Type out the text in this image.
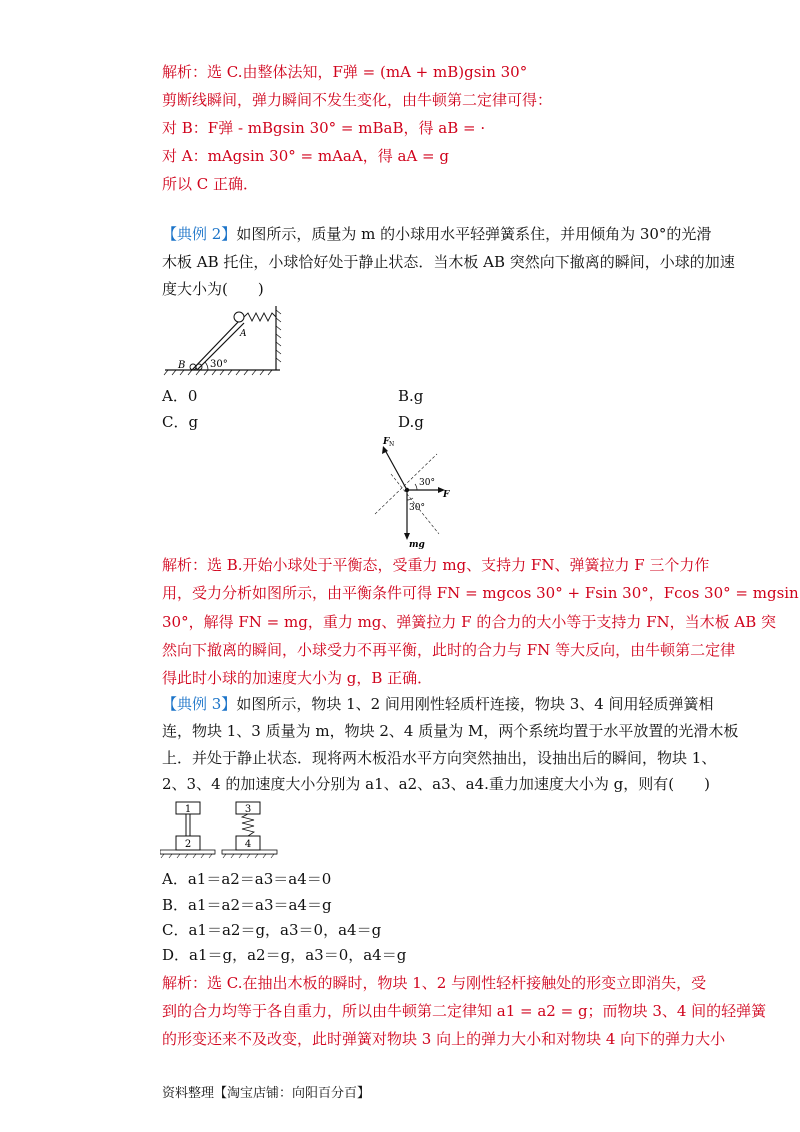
解析：选 C.由整体法知，F弹 = (mA + mB)gsin 30°
剪断线瞬间，弹力瞬间不发生变化，由牛顿第二定律可得：
对 B：F弹 - mBgsin 30° = mBaB，得 aB = ·
对 A：mAgsin 30° = mAaA，得 aA = g
所以 C 正确．
【典例 2】如图所示，质量为 m 的小球用水平轻弹簧系住，并用倾角为 30°的光滑
木板 AB 托住，小球恰好处于静止状态．当木板 AB 突然向下撤离的瞬间，小球的加速
度大小为(　　)
30°
B
A
A．0	B.g
C．g	D.g
30°
30°
F N
F
mg
解析：选 B.开始小球处于平衡态，受重力 mg、支持力 FN、弹簧拉力 F 三个力作
用，受力分析如图所示，由平衡条件可得 FN = mgcos 30° + Fsin 30°，Fcos 30° = mgsin
30°，解得 FN = mg，重力 mg、弹簧拉力 F 的合力的大小等于支持力 FN，当木板 AB 突
然向下撤离的瞬间，小球受力不再平衡，此时的合力与 FN 等大反向，由牛顿第二定律
得此时小球的加速度大小为 g，B 正确．
【典例 3】如图所示，物块 1、2 间用刚性轻质杆连接，物块 3、4 间用轻质弹簧相
连，物块 1、3 质量为 m，物块 2、4 质量为 M，两个系统均置于水平放置的光滑木板
上．并处于静止状态．现将两木板沿水平方向突然抽出，设抽出后的瞬间，物块 1、
2、3、4 的加速度大小分别为 a1、a2、a3、a4.重力加速度大小为 g，则有(　　)
1
2
3
4
A．a1＝a2＝a3＝a4＝0
B．a1＝a2＝a3＝a4＝g
C．a1＝a2＝g，a3＝0，a4＝g
D．a1＝g，a2＝g，a3＝0，a4＝g
解析：选 C.在抽出木板的瞬时，物块 1、2 与刚性轻杆接触处的形变立即消失，受
到的合力均等于各自重力，所以由牛顿第二定律知 a1 = a2 = g；而物块 3、4 间的轻弹簧
的形变还来不及改变，此时弹簧对物块 3 向上的弹力大小和对物块 4 向下的弹力大小
资料整理【淘宝店铺：向阳百分百】
